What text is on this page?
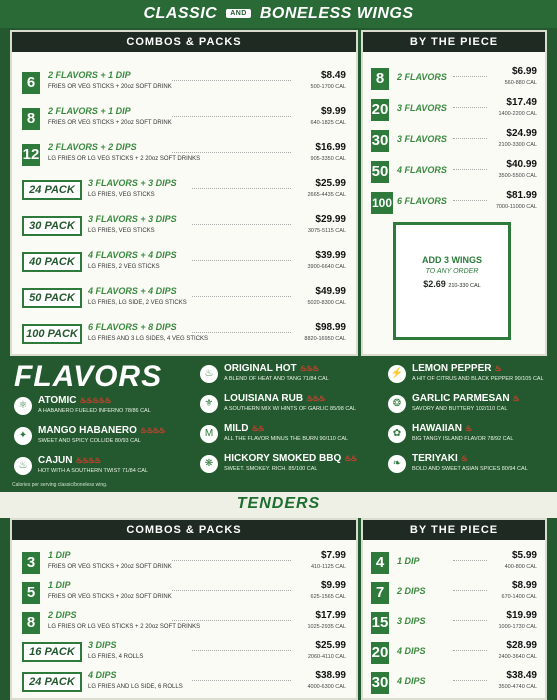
CLASSIC AND BONELESS WINGS
COMBOS & PACKS
6	2 FLAVORS + 1 DIP
FRIES OR VEG STICKS + 20oz SOFT DRINK
$8.49
500-1700 CAL
8	2 FLAVORS + 1 DIP
FRIES OR VEG STICKS + 20oz SOFT DRINK
$9.99
640-1825 CAL
12 2 FLAVORS + 2 DIPS
LG FRIES OR LG VEG STICKS + 2 20oz SOFT DRINKS
$16.99
905-3350 CAL
24 PACK
3 FLAVORS + 3 DIPS
LG FRIES, VEG STICKS
$25.99
2665-4435 CAL
30 PACK
3 FLAVORS + 3 DIPS
LG FRIES, VEG STICKS
$29.99
3075-5115 CAL
40 PACK
4 FLAVORS + 4 DIPS
LG FRIES, 2 VEG STICKS
$39.99
3900-6640 CAL
50 PACK
4 FLAVORS + 4 DIPS
LG FRIES, LG SIDE, 2 VEG STICKS
$49.99
5020-8300 CAL
100 PACK
6 FLAVORS + 8 DIPS
LG FRIES AND 3 LG SIDES, 4 VEG STICKS
$98.99
8820-16950 CAL
BY THE PIECE
8	2 FLAVORS	$6.99
560-880 CAL
20 3 FLAVORS	$17.49
1400-2200 CAL
30 3 FLAVORS	$24.99
2100-3300 CAL
50 4 FLAVORS	$40.99
3500-5500 CAL
100 6 FLAVORS	$81.99
7000-11000 CAL
ADD 3 WINGS
TO ANY ORDER
$2.69 210-330 CAL
FLAVORS
⚛	ATOMIC ♨♨♨♨♨
A HABANERO FUELED INFERNO 78/86 CAL
✦	MANGO HABANERO ♨♨♨♨
SWEET AND SPICY COLLIDE 80/93 CAL
♨	CAJUN ♨♨♨♨
HOT WITH A SOUTHERN TWIST 71/84 CAL
♨	ORIGINAL HOT ♨♨♨
A BLEND OF HEAT AND TANG 71/84 CAL
⚜	LOUISIANA RUB ♨♨♨
A SOUTHERN MIX W/ HINTS OF GARLIC 85/98 CAL
M	MILD ♨♨
ALL THE FLAVOR MINUS THE BURN 90/110 CAL
❋	HICKORY SMOKED BBQ ♨♨
SWEET. SMOKEY. RICH. 85/100 CAL
⚡ LEMON PEPPER ♨
A HIT OF CITRUS AND BLACK PEPPER 90/105 CAL
❂	GARLIC PARMESAN ♨
SAVORY AND BUTTERY 102/110 CAL
✿	HAWAIIAN ♨
BIG TANGY ISLAND FLAVOR 78/92 CAL
❧	TERIYAKI ♨
BOLD AND SWEET ASIAN SPICES 80/94 CAL
Calories per serving classic/boneless wing.
TENDERS
COMBOS & PACKS
3	1 DIP
FRIES OR VEG STICKS + 20oz SOFT DRINK
$7.99
410-1125 CAL
5	1 DIP
FRIES OR VEG STICKS + 20oz SOFT DRINK
$9.99
625-1565 CAL
8	2 DIPS
LG FRIES OR LG VEG STICKS + 2 20oz SOFT DRINKS
$17.99
1025-2935 CAL
16 PACK
3 DIPS
LG FRIES, 4 ROLLS
$25.99
2060-4110 CAL
24 PACK
4 DIPS
LG FRIES AND LG SIDE, 6 ROLLS
$38.99
4000-6300 CAL
BY THE PIECE
4	1 DIP	$5.99
400-800 CAL
7	2 DIPS	$8.99
670-1400 CAL
15 3 DIPS	$19.99
1000-1730 CAL
20 4 DIPS	$28.99
2400-3640 CAL
30 4 DIPS	$38.49
3500-4740 CAL
